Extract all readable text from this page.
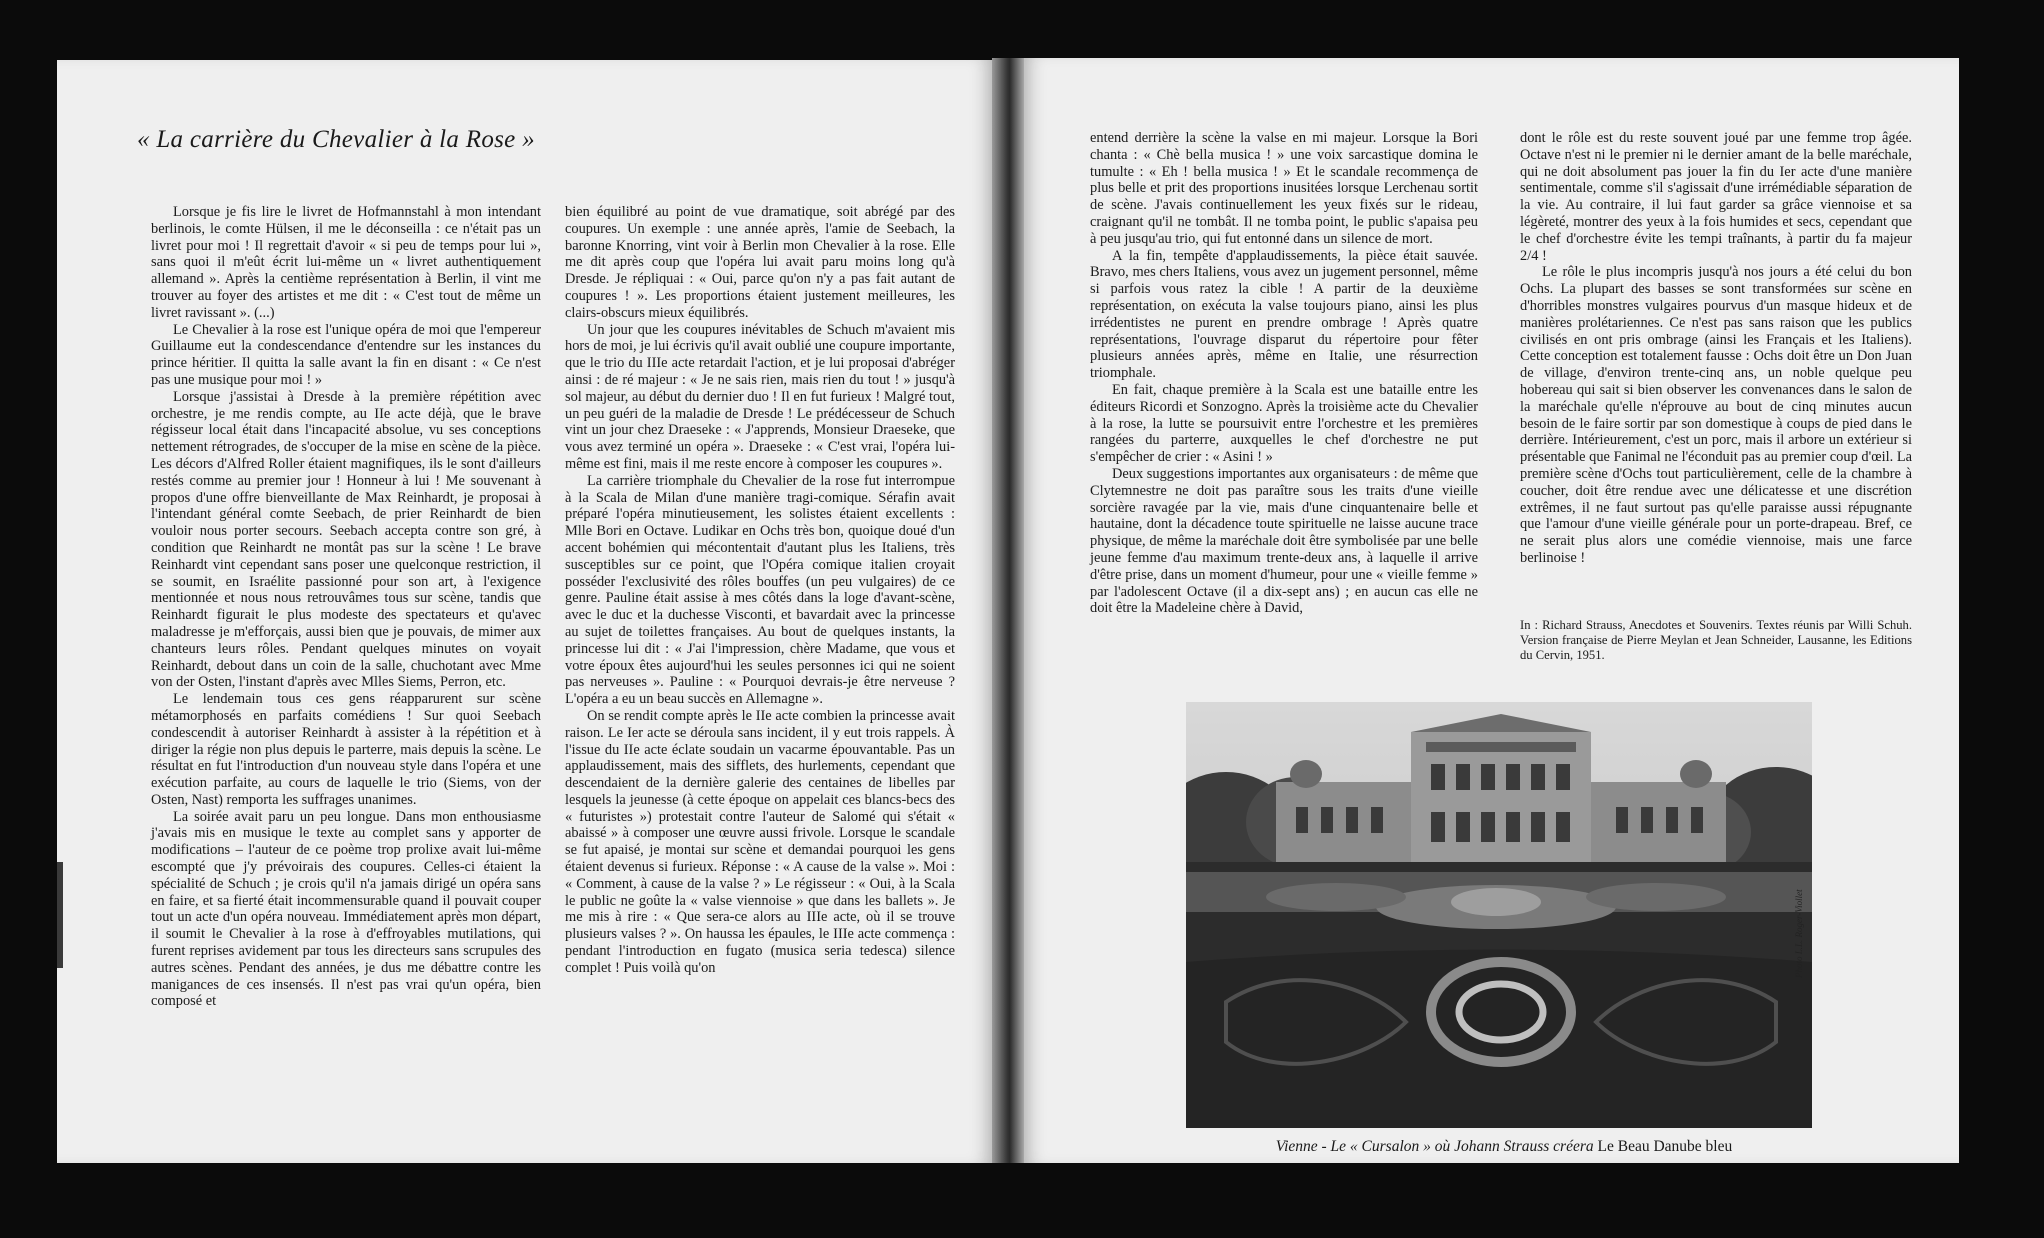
« La carrière du Chevalier à la Rose »

Lorsque je fis lire le livret de Hofmannstahl à mon intendant berlinois, le comte Hülsen, il me le déconseilla : ce n'était pas un livret pour moi ! Il regrettait d'avoir « si peu de temps pour lui », sans quoi il m'eût écrit lui-même un « livret authentiquement allemand ». Après la centième représentation à Berlin, il vint me trouver au foyer des artistes et me dit : « C'est tout de même un livret ravissant ». (...)

Le Chevalier à la rose est l'unique opéra de moi que l'empereur Guillaume eut la condescendance d'entendre sur les instances du prince héritier. Il quitta la salle avant la fin en disant : « Ce n'est pas une musique pour moi ! »

Lorsque j'assistai à Dresde à la première répétition avec orchestre, je me rendis compte, au IIe acte déjà, que le brave régisseur local était dans l'incapacité absolue, vu ses conceptions nettement rétrogrades, de s'occuper de la mise en scène de la pièce. Les décors d'Alfred Roller étaient magnifiques, ils le sont d'ailleurs restés comme au premier jour ! Honneur à lui ! Me souvenant à propos d'une offre bienveillante de Max Reinhardt, je proposai à l'intendant général comte Seebach, de prier Reinhardt de bien vouloir nous porter secours. Seebach accepta contre son gré, à condition que Reinhardt ne montât pas sur la scène ! Le brave Reinhardt vint cependant sans poser une quelconque restriction, il se soumit, en Israélite passionné pour son art, à l'exigence mentionnée et nous nous retrouvâmes tous sur scène, tandis que Reinhardt figurait le plus modeste des spectateurs et qu'avec maladresse je m'efforçais, aussi bien que je pouvais, de mimer aux chanteurs leurs rôles. Pendant quelques minutes on voyait Reinhardt, debout dans un coin de la salle, chuchotant avec Mme von der Osten, l'instant d'après avec Mlles Siems, Perron, etc.

Le lendemain tous ces gens réapparurent sur scène métamorphosés en parfaits comédiens ! Sur quoi Seebach condescendit à autoriser Reinhardt à assister à la répétition et à diriger la régie non plus depuis le parterre, mais depuis la scène. Le résultat en fut l'introduction d'un nouveau style dans l'opéra et une exécution parfaite, au cours de laquelle le trio (Siems, von der Osten, Nast) remporta les suffrages unanimes.

La soirée avait paru un peu longue. Dans mon enthousiasme j'avais mis en musique le texte au complet sans y apporter de modifications – l'auteur de ce poème trop prolixe avait lui-même escompté que j'y prévoirais des coupures. Celles-ci étaient la spécialité de Schuch ; je crois qu'il n'a jamais dirigé un opéra sans en faire, et sa fierté était incommensurable quand il pouvait couper tout un acte d'un opéra nouveau. Immédiatement après mon départ, il soumit le Chevalier à la rose à d'effroyables mutilations, qui furent reprises avidement par tous les directeurs sans scrupules des autres scènes. Pendant des années, je dus me débattre contre les manigances de ces insensés. Il n'est pas vrai qu'un opéra, bien composé et

bien équilibré au point de vue dramatique, soit abrégé par des coupures. Un exemple : une année après, l'amie de Seebach, la baronne Knorring, vint voir à Berlin mon Chevalier à la rose. Elle me dit après coup que l'opéra lui avait paru moins long qu'à Dresde. Je répliquai : « Oui, parce qu'on n'y a pas fait autant de coupures ! ». Les proportions étaient justement meilleures, les clairs-obscurs mieux équilibrés.

Un jour que les coupures inévitables de Schuch m'avaient mis hors de moi, je lui écrivis qu'il avait oublié une coupure importante, que le trio du IIIe acte retardait l'action, et je lui proposai d'abréger ainsi : de ré majeur : « Je ne sais rien, mais rien du tout ! » jusqu'à sol majeur, au début du dernier duo ! Il en fut furieux ! Malgré tout, un peu guéri de la maladie de Dresde ! Le prédécesseur de Schuch vint un jour chez Draeseke : « J'apprends, Monsieur Draeseke, que vous avez terminé un opéra ». Draeseke : « C'est vrai, l'opéra lui-même est fini, mais il me reste encore à composer les coupures ».

La carrière triomphale du Chevalier de la rose fut interrompue à la Scala de Milan d'une manière tragi-comique. Sérafin avait préparé l'opéra minutieusement, les solistes étaient excellents : Mlle Bori en Octave. Ludikar en Ochs très bon, quoique doué d'un accent bohémien qui mécontentait d'autant plus les Italiens, très susceptibles sur ce point, que l'Opéra comique italien croyait posséder l'exclusivité des rôles bouffes (un peu vulgaires) de ce genre. Pauline était assise à mes côtés dans la loge d'avant-scène, avec le duc et la duchesse Visconti, et bavardait avec la princesse au sujet de toilettes françaises. Au bout de quelques instants, la princesse lui dit : « J'ai l'impression, chère Madame, que vous et votre époux êtes aujourd'hui les seules personnes ici qui ne soient pas nerveuses ». Pauline : « Pourquoi devrais-je être nerveuse ? L'opéra a eu un beau succès en Allemagne ».

On se rendit compte après le IIe acte combien la princesse avait raison. Le Ier acte se déroula sans incident, il y eut trois rappels. À l'issue du IIe acte éclate soudain un vacarme épouvantable. Pas un applaudissement, mais des sifflets, des hurlements, cependant que descendaient de la dernière galerie des centaines de libelles par lesquels la jeunesse (à cette époque on appelait ces blancs-becs des « futuristes ») protestait contre l'auteur de Salomé qui s'était « abaissé » à composer une œuvre aussi frivole. Lorsque le scandale se fut apaisé, je montai sur scène et demandai pourquoi les gens étaient devenus si furieux. Réponse : « A cause de la valse ». Moi : « Comment, à cause de la valse ? » Le régisseur : « Oui, à la Scala le public ne goûte la « valse viennoise » que dans les ballets ». Je me mis à rire : « Que sera-ce alors au IIIe acte, où il se trouve plusieurs valses ? ». On haussa les épaules, le IIIe acte commença : pendant l'introduction en fugato (musica seria tedesca) silence complet ! Puis voilà qu'on

entend derrière la scène la valse en mi majeur. Lorsque la Bori chanta : « Chè bella musica ! » une voix sarcastique domina le tumulte : « Eh ! bella musica ! » Et le scandale recommença de plus belle et prit des proportions inusitées lorsque Lerchenau sortit de scène. J'avais continuellement les yeux fixés sur le rideau, craignant qu'il ne tombât. Il ne tomba point, le public s'apaisa peu à peu jusqu'au trio, qui fut entonné dans un silence de mort.

A la fin, tempête d'applaudissements, la pièce était sauvée. Bravo, mes chers Italiens, vous avez un jugement personnel, même si parfois vous ratez la cible ! A partir de la deuxième représentation, on exécuta la valse toujours piano, ainsi les plus irrédentistes ne purent en prendre ombrage ! Après quatre représentations, l'ouvrage disparut du répertoire pour fêter plusieurs années après, même en Italie, une résurrection triomphale.

En fait, chaque première à la Scala est une bataille entre les éditeurs Ricordi et Sonzogno. Après la troisième acte du Chevalier à la rose, la lutte se poursuivit entre l'orchestre et les premières rangées du parterre, auxquelles le chef d'orchestre ne put s'empêcher de crier : « Asini ! »

Deux suggestions importantes aux organisateurs : de même que Clytemnestre ne doit pas paraître sous les traits d'une vieille sorcière ravagée par la vie, mais d'une cinquantenaire belle et hautaine, dont la décadence toute spirituelle ne laisse aucune trace physique, de même la maréchale doit être symbolisée par une belle jeune femme d'au maximum trente-deux ans, à laquelle il arrive d'être prise, dans un moment d'humeur, pour une « vieille femme » par l'adolescent Octave (il a dix-sept ans) ; en aucun cas elle ne doit être la Madeleine chère à David,

dont le rôle est du reste souvent joué par une femme trop âgée. Octave n'est ni le premier ni le dernier amant de la belle maréchale, qui ne doit absolument pas jouer la fin du Ier acte d'une manière sentimentale, comme s'il s'agissait d'une irrémédiable séparation de la vie. Au contraire, il lui faut garder sa grâce viennoise et sa légèreté, montrer des yeux à la fois humides et secs, cependant que le chef d'orchestre évite les tempi traînants, à partir du fa majeur 2/4 !

Le rôle le plus incompris jusqu'à nos jours a été celui du bon Ochs. La plupart des basses se sont transformées sur scène en d'horribles monstres vulgaires pourvus d'un masque hideux et de manières prolétariennes. Ce n'est pas sans raison que les publics civilisés en ont pris ombrage (ainsi les Français et les Italiens). Cette conception est totalement fausse : Ochs doit être un Don Juan de village, d'environ trente-cinq ans, un noble quelque peu hobereau qui sait si bien observer les convenances dans le salon de la maréchale qu'elle n'éprouve au bout de cinq minutes aucun besoin de le faire sortir par son domestique à coups de pied dans le derrière. Intérieurement, c'est un porc, mais il arbore un extérieur si présentable que Fanimal ne l'éconduit pas au premier coup d'œil. La première scène d'Ochs tout particulièrement, celle de la chambre à coucher, doit être rendue avec une délicatesse et une discrétion extrêmes, il ne faut surtout pas qu'elle paraisse aussi répugnante que l'amour d'une vieille générale pour un porte-drapeau. Bref, ce ne serait plus alors une comédie viennoise, mais une farce berlinoise !

In : Richard Strauss, Anecdotes et Souvenirs. Textes réunis par Willi Schuh. Version française de Pierre Meylan et Jean Schneider, Lausanne, les Editions du Cervin, 1951.
Photo L.L. Roger-Viollet
Vienne - Le « Cursalon » où Johann Strauss créera Le Beau Danube bleu
